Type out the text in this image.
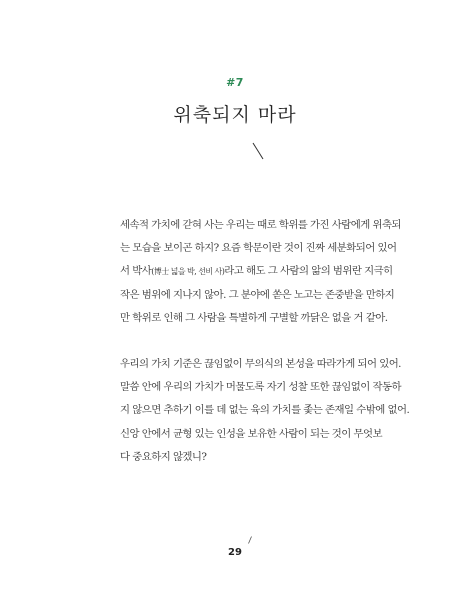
#7
위축되지 마라

세속적 가치에 갇혀 사는 우리는 때로 학위를 가진 사람에게 위축되

는 모습을 보이곤 하지? 요즘 학문이란 것이 진짜 세분화되어 있어

서 박사(博士 넓을 박, 선비 사)라고 해도 그 사람의 앎의 범위란 지극히

작은 범위에 지나지 않아. 그 분야에 쏟은 노고는 존중받을 만하지

만 학위로 인해 그 사람을 특별하게 구별할 까닭은 없을 거 같아.

우리의 가치 기준은 끊임없이 무의식의 본성을 따라가게 되어 있어.

말씀 안에 우리의 가치가 머물도록 자기 성찰 또한 끊임없이 작동하

지 않으면 추하기 이를 데 없는 육의 가치를 좇는 존재일 수밖에 없어.

신앙 안에서 균형 있는 인성을 보유한 사람이 되는 것이 무엇보

다 중요하지 않겠니?

29
